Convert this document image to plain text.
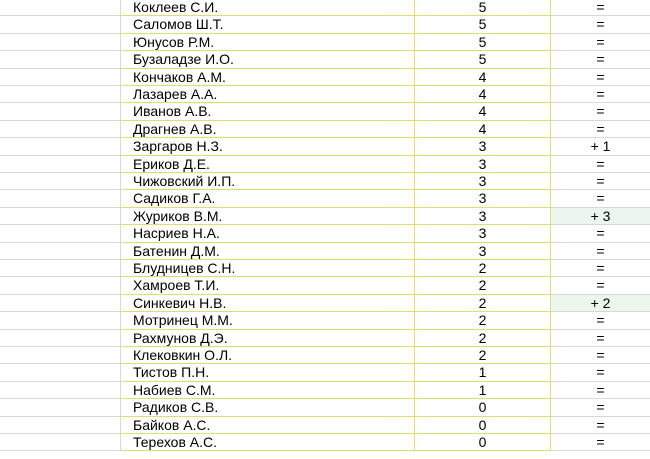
Коклеев С.И.	5	=
Саломов Ш.Т.	5	=
Юнусов Р.М.	5	=
Бузаладзе И.О.	5	=
Кончаков А.М.	4	=
Лазарев А.А.	4	=
Иванов А.В.	4	=
Драгнев А.В.	4	=
Заргаров Н.З.	3	+ 1
Ериков Д.Е.	3	=
Чижовский И.П.	3	=
Садиков Г.А.	3	=
Журиков В.М.	3	+ 3
Насриев Н.А.	3	=
Батенин Д.М.	3	=
Блудницев С.Н.	2	=
Хамроев Т.И.	2	=
Синкевич Н.В.	2	+ 2
Мотринец М.М.	2	=
Рахмунов Д.Э.	2	=
Клековкин О.Л.	2	=
Тистов П.Н.	1	=
Набиев С.М.	1	=
Радиков С.В.	0	=
Байков А.С.	0	=
Терехов А.С.	0	=
